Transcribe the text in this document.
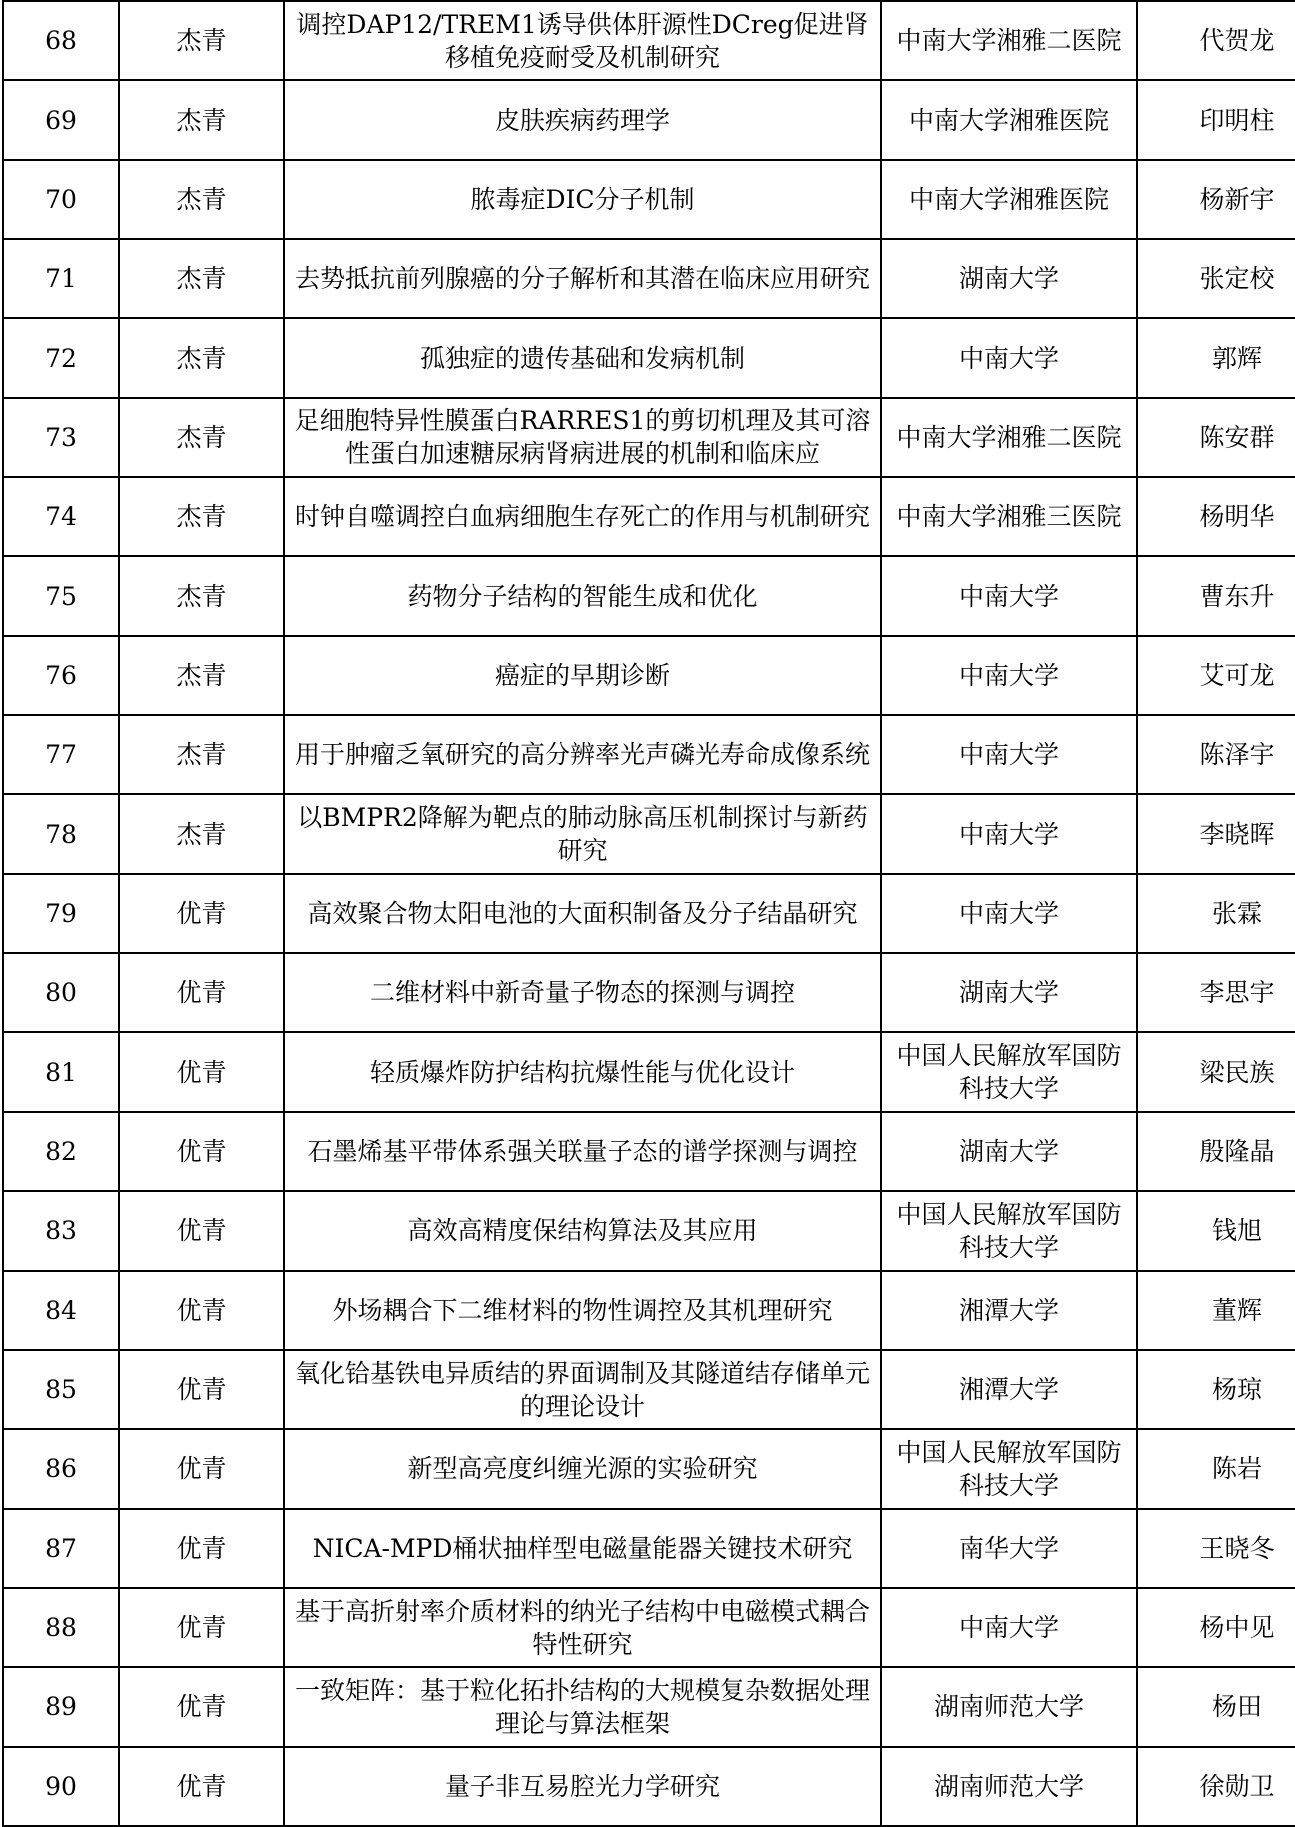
68	杰青	调控DAP12/TREM1诱导供体肝源性DCreg促进肾移植免疫耐受及机制研究	中南大学湘雅二医院	代贺龙
69	杰青	皮肤疾病药理学	中南大学湘雅医院	印明柱
70	杰青	脓毒症DIC分子机制	中南大学湘雅医院	杨新宇
71	杰青	去势抵抗前列腺癌的分子解析和其潜在临床应用研究	湖南大学	张定校
72	杰青	孤独症的遗传基础和发病机制	中南大学	郭辉
73	杰青	足细胞特异性膜蛋白RARRES1的剪切机理及其可溶性蛋白加速糖尿病肾病进展的机制和临床应	中南大学湘雅二医院	陈安群
74	杰青	时钟自噬调控白血病细胞生存死亡的作用与机制研究	中南大学湘雅三医院	杨明华
75	杰青	药物分子结构的智能生成和优化	中南大学	曹东升
76	杰青	癌症的早期诊断	中南大学	艾可龙
77	杰青	用于肿瘤乏氧研究的高分辨率光声磷光寿命成像系统	中南大学	陈泽宇
78	杰青	以BMPR2降解为靶点的肺动脉高压机制探讨与新药研究	中南大学	李晓晖
79	优青	高效聚合物太阳电池的大面积制备及分子结晶研究	中南大学	张霖
80	优青	二维材料中新奇量子物态的探测与调控	湖南大学	李思宇
81	优青	轻质爆炸防护结构抗爆性能与优化设计	中国人民解放军国防科技大学	梁民族
82	优青	石墨烯基平带体系强关联量子态的谱学探测与调控	湖南大学	殷隆晶
83	优青	高效高精度保结构算法及其应用	中国人民解放军国防科技大学	钱旭
84	优青	外场耦合下二维材料的物性调控及其机理研究	湘潭大学	董辉
85	优青	氧化铪基铁电异质结的界面调制及其隧道结存储单元的理论设计	湘潭大学	杨琼
86	优青	新型高亮度纠缠光源的实验研究	中国人民解放军国防科技大学	陈岩
87	优青	NICA-MPD桶状抽样型电磁量能器关键技术研究	南华大学	王晓冬
88	优青	基于高折射率介质材料的纳光子结构中电磁模式耦合特性研究	中南大学	杨中见
89	优青	一致矩阵：基于粒化拓扑结构的大规模复杂数据处理理论与算法框架	湖南师范大学	杨田
90	优青	量子非互易腔光力学研究	湖南师范大学	徐勋卫
